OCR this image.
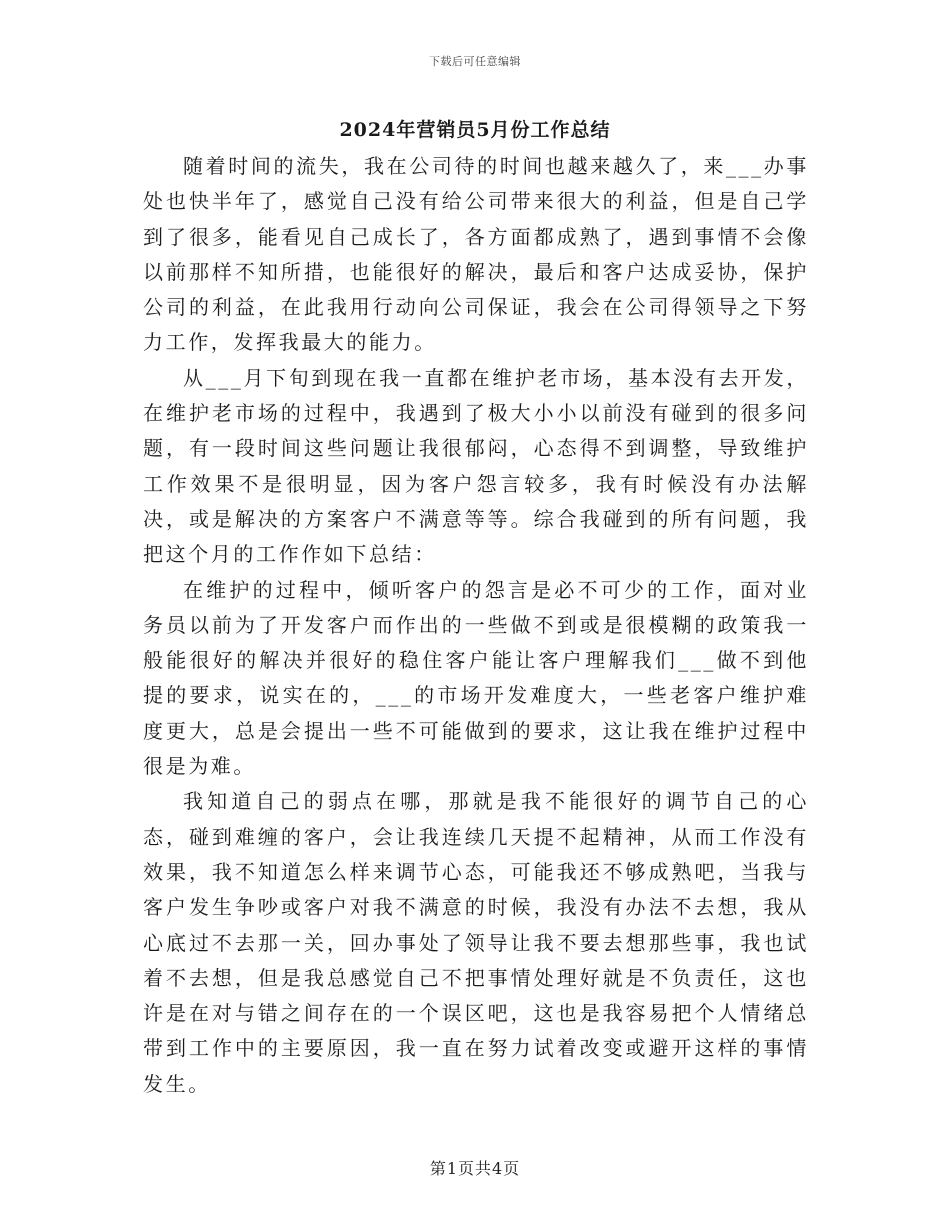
下载后可任意编辑
2024年营销员5月份工作总结

随着时间的流失，我在公司待的时间也越来越久了，来___办事处也快半年了，感觉自己没有给公司带来很大的利益，但是自己学到了很多，能看见自己成长了，各方面都成熟了，遇到事情不会像以前那样不知所措，也能很好的解决，最后和客户达成妥协，保护公司的利益，在此我用行动向公司保证，我会在公司得领导之下努力工作，发挥我最大的能力。

从___月下旬到现在我一直都在维护老市场，基本没有去开发，在维护老市场的过程中，我遇到了极大小小以前没有碰到的很多问题，有一段时间这些问题让我很郁闷，心态得不到调整，导致维护工作效果不是很明显，因为客户怨言较多，我有时候没有办法解决，或是解决的方案客户不满意等等。综合我碰到的所有问题，我把这个月的工作作如下总结：

在维护的过程中，倾听客户的怨言是必不可少的工作，面对业务员以前为了开发客户而作出的一些做不到或是很模糊的政策我一般能很好的解决并很好的稳住客户能让客户理解我们___做不到他提的要求，说实在的，___的市场开发难度大，一些老客户维护难度更大，总是会提出一些不可能做到的要求，这让我在维护过程中很是为难。

我知道自己的弱点在哪，那就是我不能很好的调节自己的心态，碰到难缠的客户，会让我连续几天提不起精神，从而工作没有效果，我不知道怎么样来调节心态，可能我还不够成熟吧，当我与客户发生争吵或客户对我不满意的时候，我没有办法不去想，我从心底过不去那一关，回办事处了领导让我不要去想那些事，我也试着不去想，但是我总感觉自己不把事情处理好就是不负责任，这也许是在对与错之间存在的一个误区吧，这也是我容易把个人情绪总带到工作中的主要原因，我一直在努力试着改变或避开这样的事情发生。

第1页共4页
